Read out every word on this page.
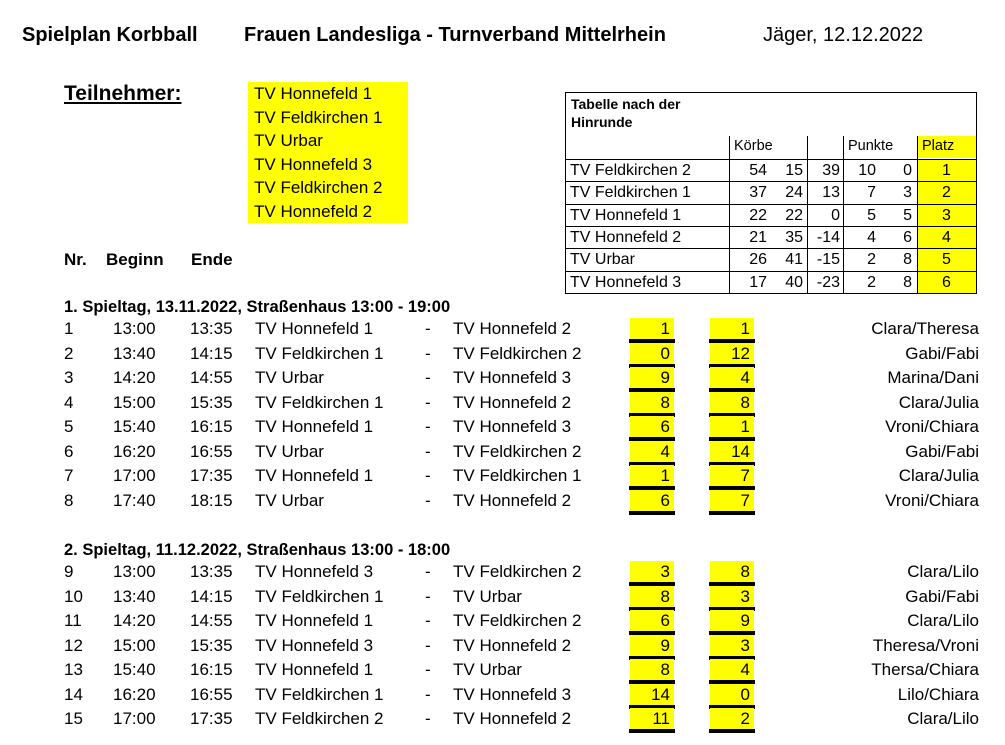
Spielplan Korbball Frauen Landesliga - Turnverband Mittelrhein	Jäger, 12.12.2022
Teilnehmer:	TV Honnefeld 1
TV Feldkirchen 1
TV Urbar
TV Honnefeld 3
TV Feldkirchen 2
TV Honnefeld 2
Tabelle nach der Hinrunde
Körbe	Punkte	Platz
TV Feldkirchen 2	54	15	39	10	0	1
TV Feldkirchen 1	37	24	13	7	3	2
TV Honnefeld 1	22	22	0	5	5	3
TV Honnefeld 2	21	35 -14	4	6	4
TV Urbar	26	41 -15	2	8	5
TV Honnefeld 3	17	40 -23	2	8	6
Nr. Beginn Ende
1. Spieltag, 13.11.2022, Straßenhaus 13:00 - 19:00
1 13:00 13:35 TV Honnefeld 1	- TV Honnefeld 2	1	1	Clara/Theresa
2 13:40 14:15 TV Feldkirchen 1 - TV Feldkirchen 2	0	12	Gabi/Fabi
3 14:20 14:55 TV Urbar	- TV Honnefeld 3	9	4	Marina/Dani
4 15:00 15:35 TV Feldkirchen 1 - TV Honnefeld 2	8	8	Clara/Julia
5 15:40 16:15 TV Honnefeld 1	- TV Honnefeld 3	6	1	Vroni/Chiara
6 16:20 16:55 TV Urbar	- TV Feldkirchen 2	4	14	Gabi/Fabi
7 17:00 17:35 TV Honnefeld 1	- TV Feldkirchen 1	1	7	Clara/Julia
8 17:40 18:15 TV Urbar	- TV Honnefeld 2	6	7	Vroni/Chiara
2. Spieltag, 11.12.2022, Straßenhaus 13:00 - 18:00
9 13:00 13:35 TV Honnefeld 3	- TV Feldkirchen 2	3	8	Clara/Lilo
10 13:40 14:15 TV Feldkirchen 1 - TV Urbar	8	3	Gabi/Fabi
11 14:20 14:55 TV Honnefeld 1	- TV Feldkirchen 2	6	9	Clara/Lilo
12 15:00 15:35 TV Honnefeld 3	- TV Honnefeld 2	9	3	Theresa/Vroni
13 15:40 16:15 TV Honnefeld 1	- TV Urbar	8	4	Thersa/Chiara
14 16:20 16:55 TV Feldkirchen 1 - TV Honnefeld 3	14	0	Lilo/Chiara
15 17:00 17:35 TV Feldkirchen 2 - TV Honnefeld 2	11	2	Clara/Lilo
